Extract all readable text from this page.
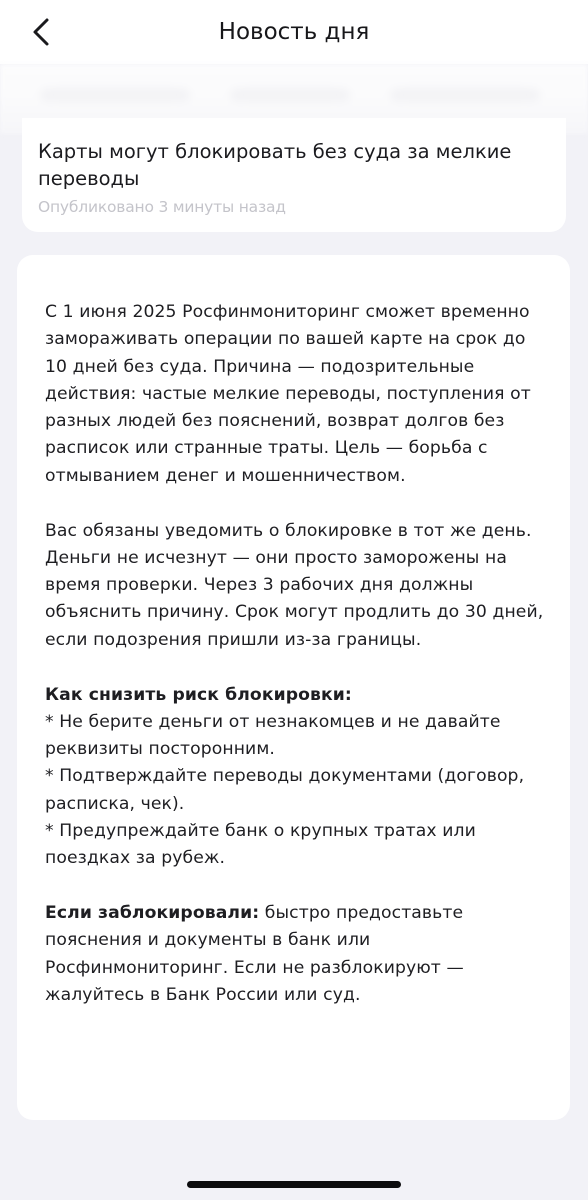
Новость дня
Карты могут блокировать без суда за мелкие переводы
Опубликовано 3 минуты назад

С 1 июня 2025 Росфинмониторинг сможет временно замораживать операции по вашей карте на срок до 10 дней без суда. Причина — подозрительные действия: частые мелкие переводы, поступления от разных людей без пояснений, возврат долгов без расписок или странные траты. Цель — борьба с отмыванием денег и мошенничеством.

Вас обязаны уведомить о блокировке в тот же день. Деньги не исчезнут — они просто заморожены на время проверки. Через 3 рабочих дня должны объяснить причину. Срок могут продлить до 30 дней, если подозрения пришли из-за границы.

Как снизить риск блокировки:

* Не берите деньги от незнакомцев и не давайте реквизиты посторонним.

* Подтверждайте переводы документами (договор, расписка, чек).

* Предупреждайте банк о крупных тратах или поездках за рубеж.

Если заблокировали: быстро предоставьте пояснения и документы в банк или Росфинмониторинг. Если не разблокируют — жалуйтесь в Банк России или суд.
